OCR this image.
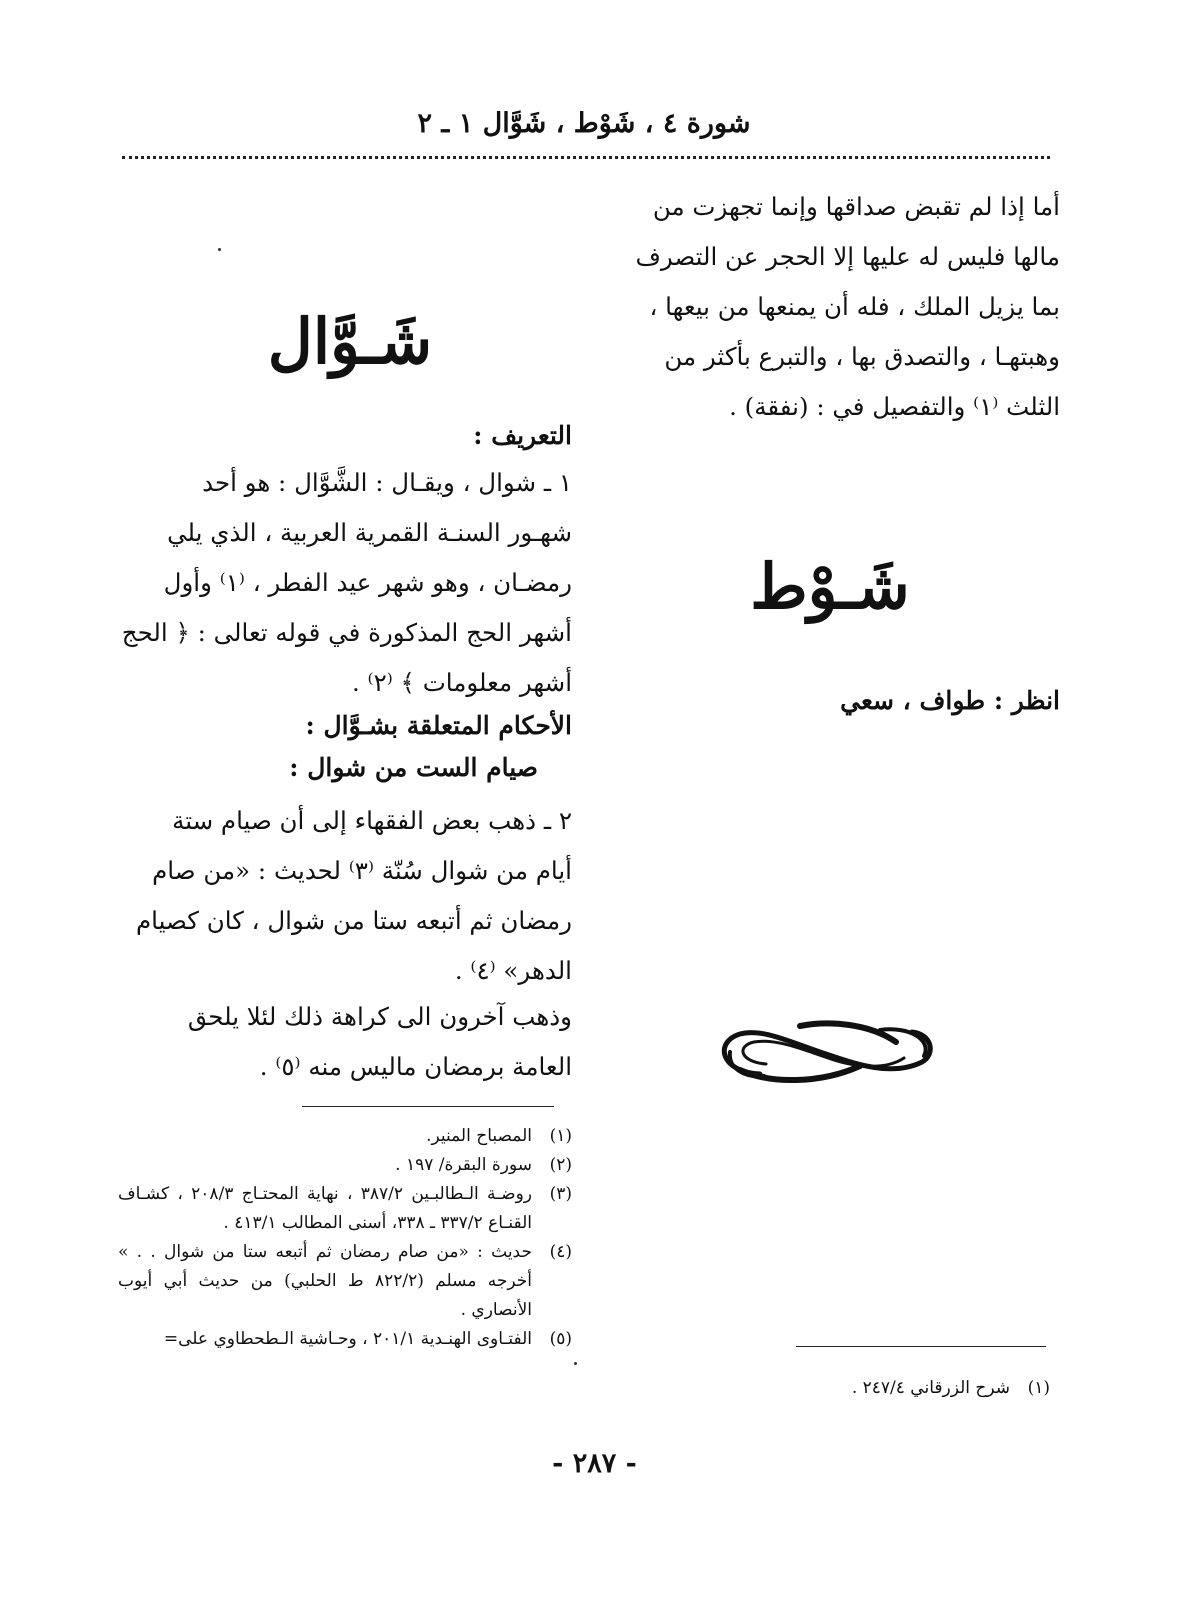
شورة ٤ ، شَوْط ، شَوَّال ١ ـ ٢

أما إذا لم تقبض صداقها وإنما تجهزت من

مالها فليس له عليها إلا الحجر عن التصرف

بما يزيل الملك ، فله أن يمنعها من بيعها ،

وهبتهـا ، والتصدق بها ، والتبرع بأكثر من

الثلث ⁽١⁾ والتفصيل في : (نفقة) .

شَـوْط
انظر : طواف ، سعي
(١)
شرح الزرقاني ٢٤٧/٤ .
شَـوَّال
التعريف :

١ ـ شوال ، ويقـال : الشَّوَّال : هو أحد

شهـور السنـة القمرية العربية ، الذي يلي

رمضـان ، وهو شهر عيد الفطر ، ⁽١⁾ وأول

أشهر الحج المذكورة في قوله تعالى : ﴿ الحج

أشهر معلومات ﴾ ⁽٢⁾ .

الأحكام المتعلقة بشـوَّال :
صيام الست من شوال :

٢ ـ ذهب بعض الفقهاء إلى أن صيام ستة

أيام من شوال سُنّة ⁽٣⁾ لحديث : «من صام

رمضان ثم أتبعه ستا من شوال ، كان كصيام

الدهر» ⁽٤⁾ .

وذهب آخرون الى كراهة ذلك لئلا يلحق

العامة برمضان ماليس منه ⁽٥⁾ .

(١)
المصباح المنير.
(٢)
سورة البقرة/ ١٩٧ .
(٣)
روضـة الـطالبـين ٣٨٧/٢ ، نهاية المحتـاج ٢٠٨/٣ ، كشـاف القنـاع ٣٣٧/٢ ـ ٣٣٨، أسنى المطالب ٤١٣/١ .
(٤)
حديث : «من صام رمضان ثم أتبعه ستا من شوال . . » أخرجه مسلم (٨٢٢/٢ ط الحلبي) من حديث أبي أيوب الأنصاري .
(٥)
الفتـاوى الهنـدية ٢٠١/١ ، وحـاشية الـطحطاوي على=
- ٢٨٧ -
